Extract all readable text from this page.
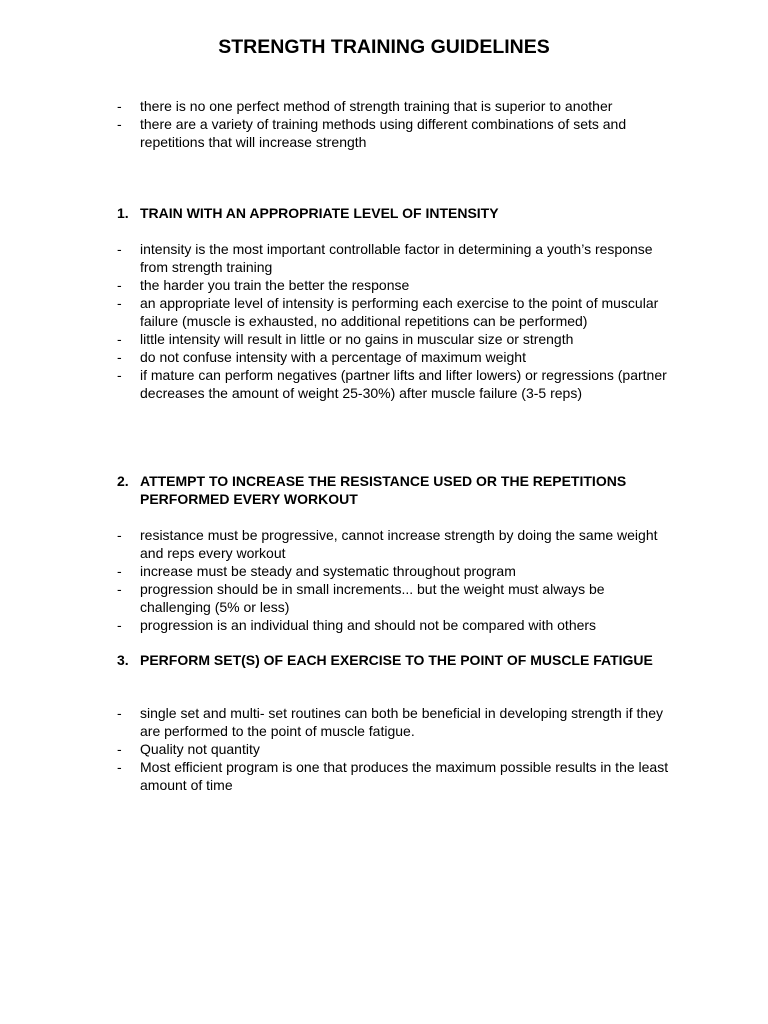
STRENGTH TRAINING GUIDELINES
- there is no one perfect method of strength training that is superior to another
- there are a variety of training methods using different combinations of sets and repetitions that will increase strength
1. TRAIN WITH AN APPROPRIATE LEVEL OF INTENSITY
- intensity is the most important controllable factor in determining a youth’s response from strength training
- the harder you train the better the response
- an appropriate level of intensity is performing each exercise to the point of muscular failure (muscle is exhausted, no additional repetitions can be performed)
- little intensity will result in little or no gains in muscular size or strength
- do not confuse intensity with a percentage of maximum weight
- if mature can perform negatives (partner lifts and lifter lowers) or regressions (partner decreases the amount of weight 25-30%) after muscle failure (3-5 reps)
2. ATTEMPT TO INCREASE THE RESISTANCE USED OR THE REPETITIONS PERFORMED EVERY WORKOUT
- resistance must be progressive, cannot increase strength by doing the same weight and reps every workout
- increase must be steady and systematic throughout program
- progression should be in small increments... but the weight must always be challenging (5% or less)
- progression is an individual thing and should not be compared with others
3. PERFORM SET(S) OF EACH EXERCISE TO THE POINT OF MUSCLE FATIGUE
- single set and multi- set routines can both be beneficial in developing strength if they are performed to the point of muscle fatigue.
- Quality not quantity
- Most efficient program is one that produces the maximum possible results in the least amount of time
